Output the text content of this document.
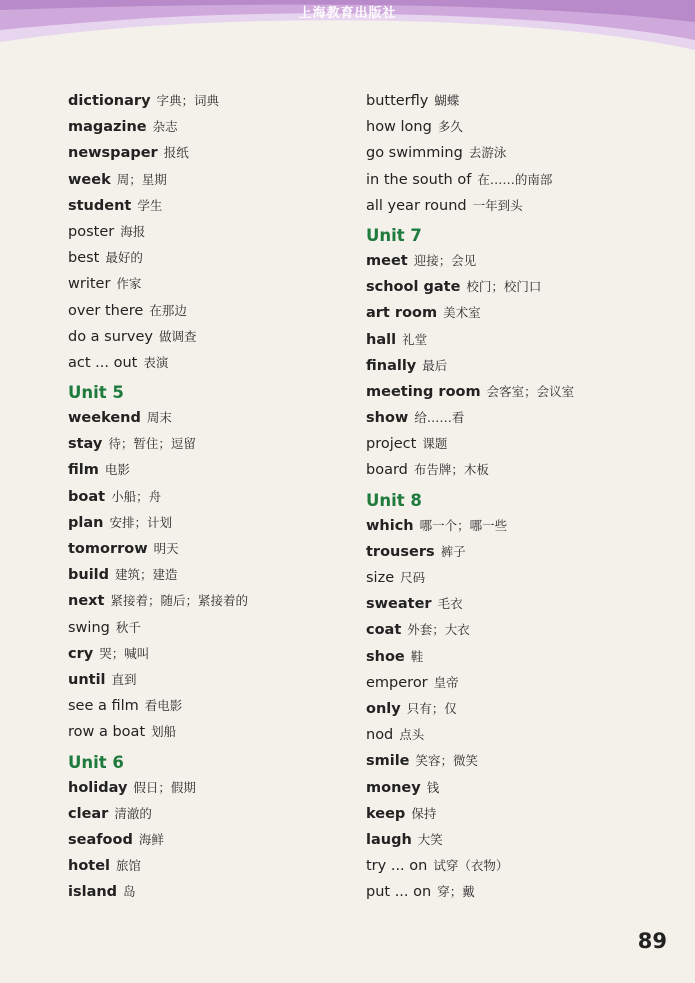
上海教育出版社
dictionary 字典；词典
magazine 杂志
newspaper 报纸
week 周；星期
student 学生
poster 海报
best 最好的
writer 作家
over there 在那边
do a survey 做调查
act ... out 表演
Unit 5
weekend 周末
stay 待；暂住；逗留
film 电影
boat 小船；舟
plan 安排；计划
tomorrow 明天
build 建筑；建造
next 紧接着；随后；紧接着的
swing 秋千
cry 哭；喊叫
until 直到
see a film 看电影
row a boat 划船
Unit 6
holiday 假日；假期
clear 清澈的
seafood 海鲜
hotel 旅馆
island 岛
butterfly 蝴蝶
how long 多久
go swimming 去游泳
in the south of 在……的南部
all year round 一年到头
Unit 7
meet 迎接；会见
school gate 校门；校门口
art room 美术室
hall 礼堂
finally 最后
meeting room 会客室；会议室
show 给……看
project 课题
board 布告牌；木板
Unit 8
which 哪一个；哪一些
trousers 裤子
size 尺码
sweater 毛衣
coat 外套；大衣
shoe 鞋
emperor 皇帝
only 只有；仅
nod 点头
smile 笑容；微笑
money 钱
keep 保持
laugh 大笑
try ... on 试穿（衣物）
put ... on 穿；戴
89
